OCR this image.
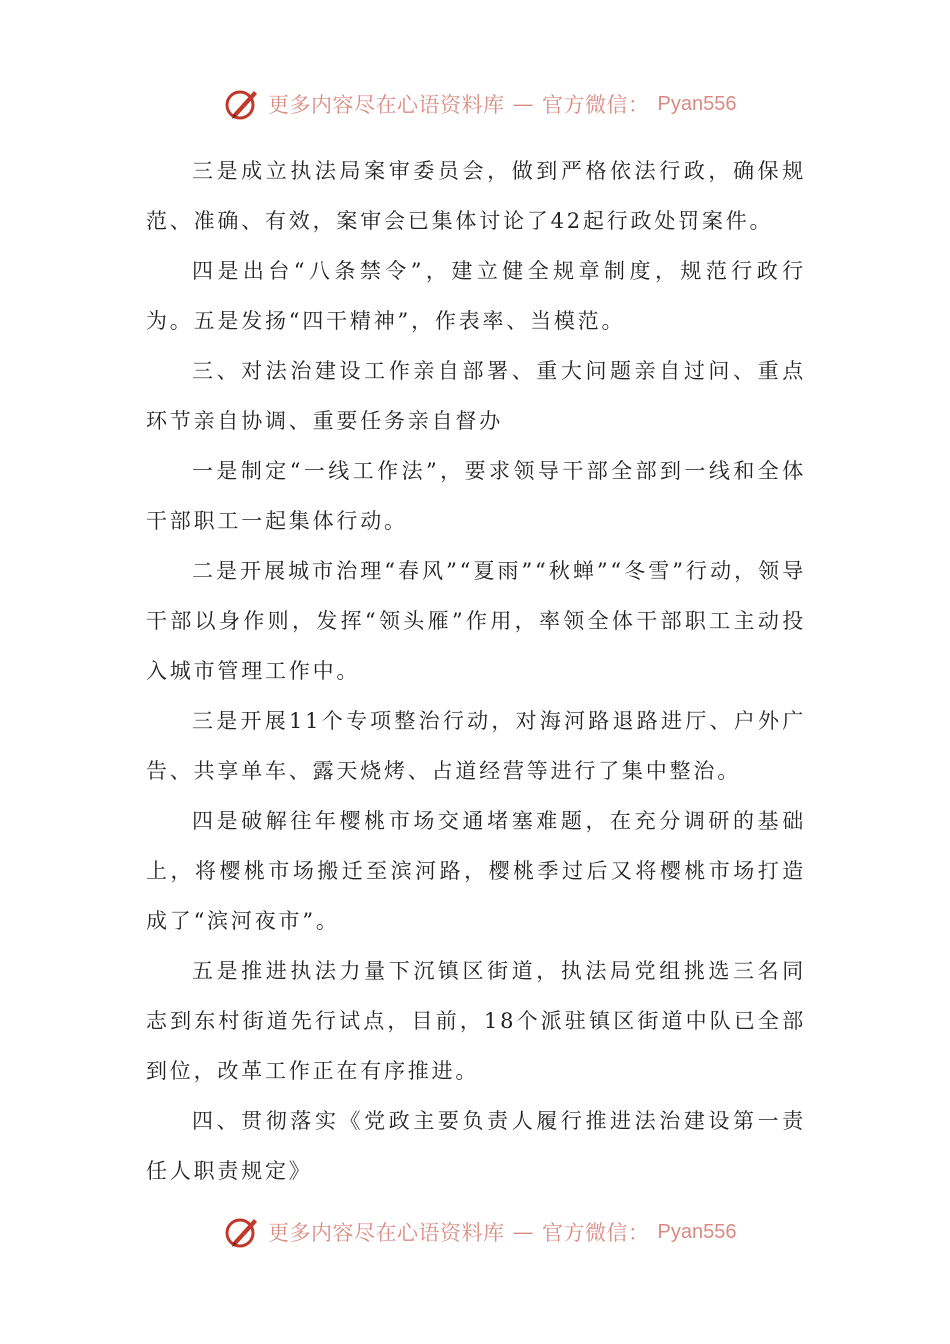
更多内容尽在心语资料库 — 官方微信： Pyan556

三是成立执法局案审委员会，做到严格依法行政，确保规范、准确、有效，案审会已集体讨论了42起行政处罚案件。

四是出台“八条禁令”，建立健全规章制度，规范行政行为。五是发扬“四干精神”，作表率、当模范。

三、对法治建设工作亲自部署、重大问题亲自过问、重点环节亲自协调、重要任务亲自督办

一是制定“一线工作法”，要求领导干部全部到一线和全体干部职工一起集体行动。

二是开展城市治理“春风”“夏雨”“秋蝉”“冬雪”行动，领导干部以身作则，发挥“领头雁”作用，率领全体干部职工主动投入城市管理工作中。

三是开展11个专项整治行动，对海河路退路进厅、户外广告、共享单车、露天烧烤、占道经营等进行了集中整治。

四是破解往年樱桃市场交通堵塞难题，在充分调研的基础上，将樱桃市场搬迁至滨河路，樱桃季过后又将樱桃市场打造成了“滨河夜市”。

五是推进执法力量下沉镇区街道，执法局党组挑选三名同志到东村街道先行试点，目前，18个派驻镇区街道中队已全部到位，改革工作正在有序推进。

四、贯彻落实《党政主要负责人履行推进法治建设第一责任人职责规定》

更多内容尽在心语资料库 — 官方微信： Pyan556
